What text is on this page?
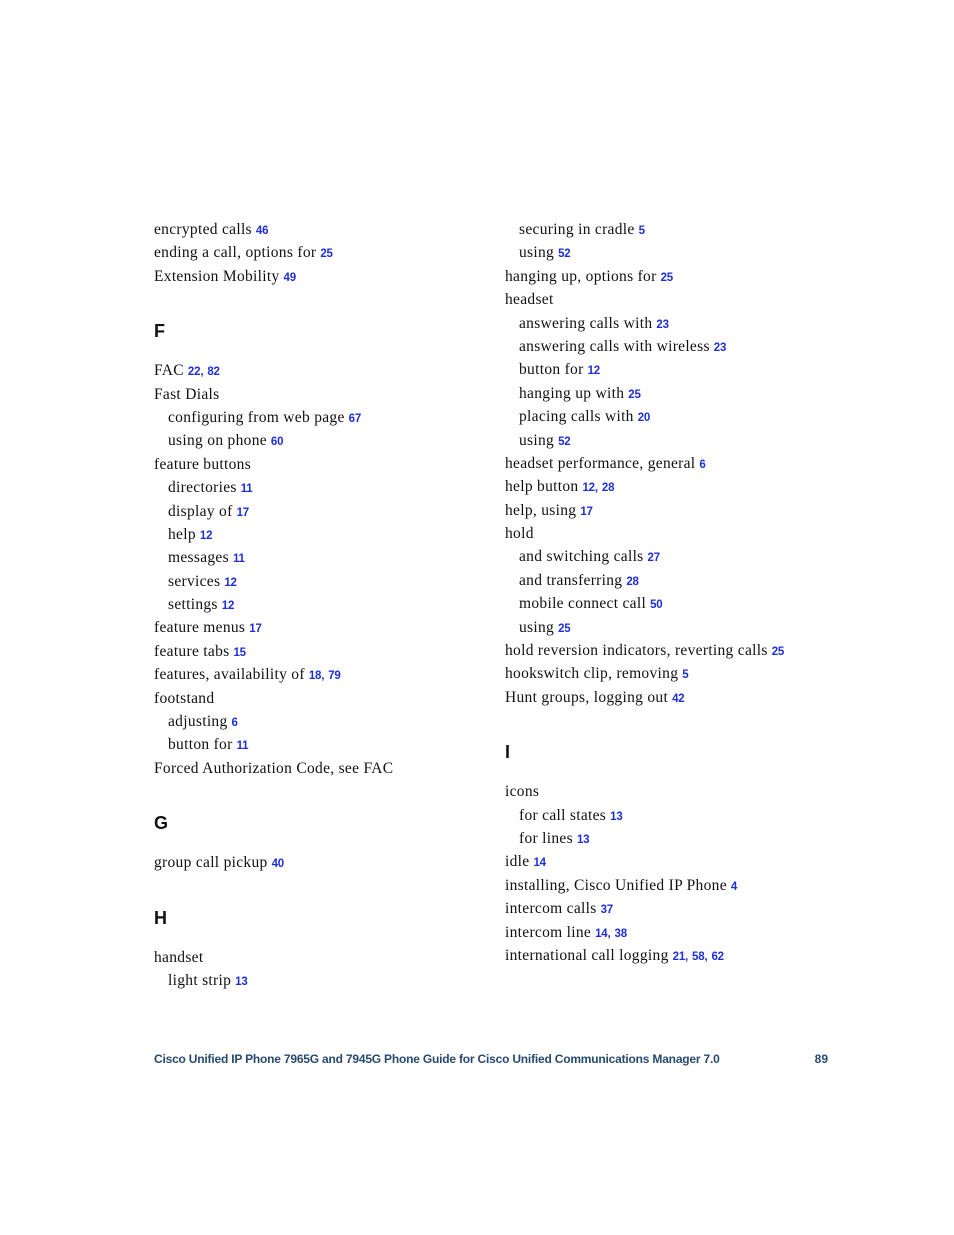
encrypted calls 46
ending a call, options for 25
Extension Mobility 49
F
FAC 22, 82
Fast Dials
configuring from web page 67
using on phone 60
feature buttons
directories 11
display of 17
help 12
messages 11
services 12
settings 12
feature menus 17
feature tabs 15
features, availability of 18, 79
footstand
adjusting 6
button for 11
Forced Authorization Code, see FAC
G
group call pickup 40
H
handset
light strip 13
securing in cradle 5
using 52
hanging up, options for 25
headset
answering calls with 23
answering calls with wireless 23
button for 12
hanging up with 25
placing calls with 20
using 52
headset performance, general 6
help button 12, 28
help, using 17
hold
and switching calls 27
and transferring 28
mobile connect call 50
using 25
hold reversion indicators, reverting calls 25
hookswitch clip, removing 5
Hunt groups, logging out 42
I
icons
for call states 13
for lines 13
idle 14
installing, Cisco Unified IP Phone 4
intercom calls 37
intercom line 14, 38
international call logging 21, 58, 62
Cisco Unified IP Phone 7965G and 7945G Phone Guide for Cisco Unified Communications Manager 7.0	89
